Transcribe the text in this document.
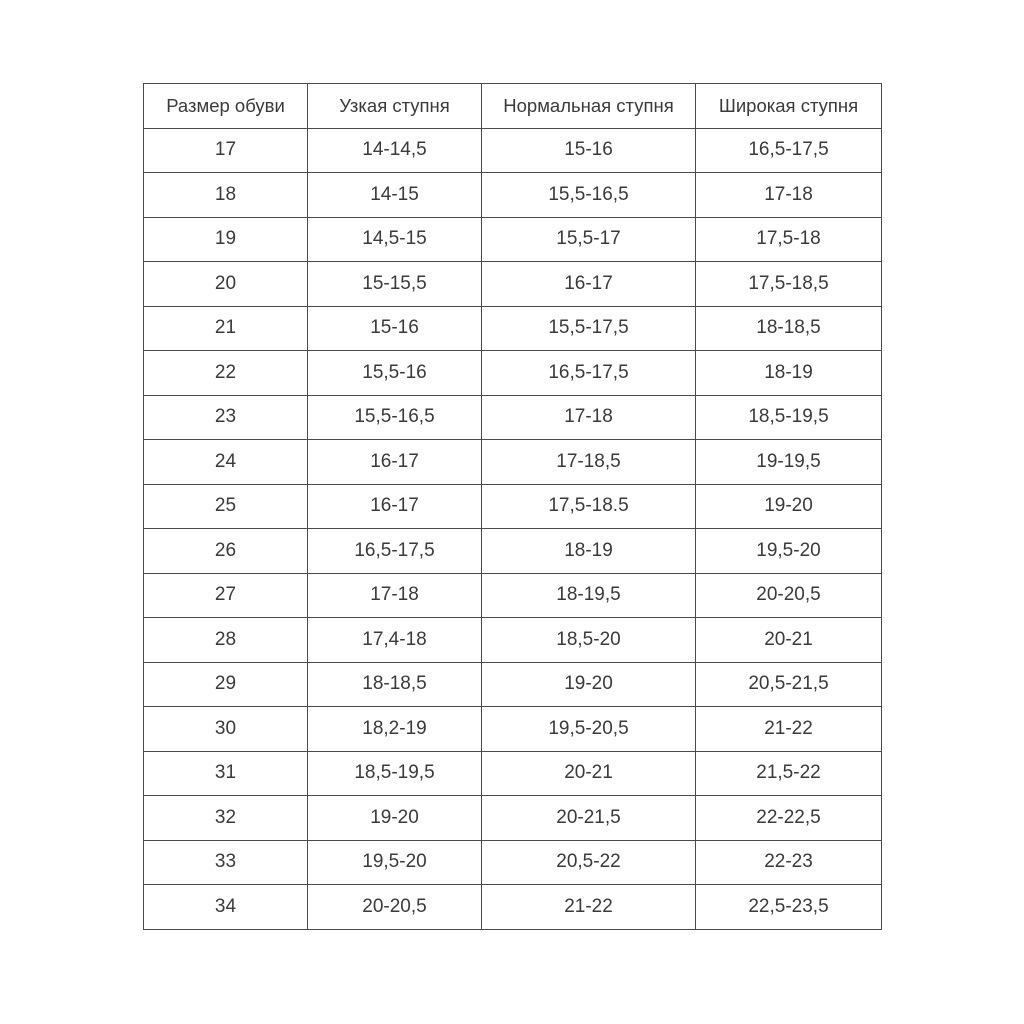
Размер обуви	Узкая ступня	Нормальная ступня	Широкая ступня
17	14-14,5	15-16	16,5-17,5
18	14-15	15,5-16,5	17-18
19	14,5-15	15,5-17	17,5-18
20	15-15,5	16-17	17,5-18,5
21	15-16	15,5-17,5	18-18,5
22	15,5-16	16,5-17,5	18-19
23	15,5-16,5	17-18	18,5-19,5
24	16-17	17-18,5	19-19,5
25	16-17	17,5-18.5	19-20
26	16,5-17,5	18-19	19,5-20
27	17-18	18-19,5	20-20,5
28	17,4-18	18,5-20	20-21
29	18-18,5	19-20	20,5-21,5
30	18,2-19	19,5-20,5	21-22
31	18,5-19,5	20-21	21,5-22
32	19-20	20-21,5	22-22,5
33	19,5-20	20,5-22	22-23
34	20-20,5	21-22	22,5-23,5
